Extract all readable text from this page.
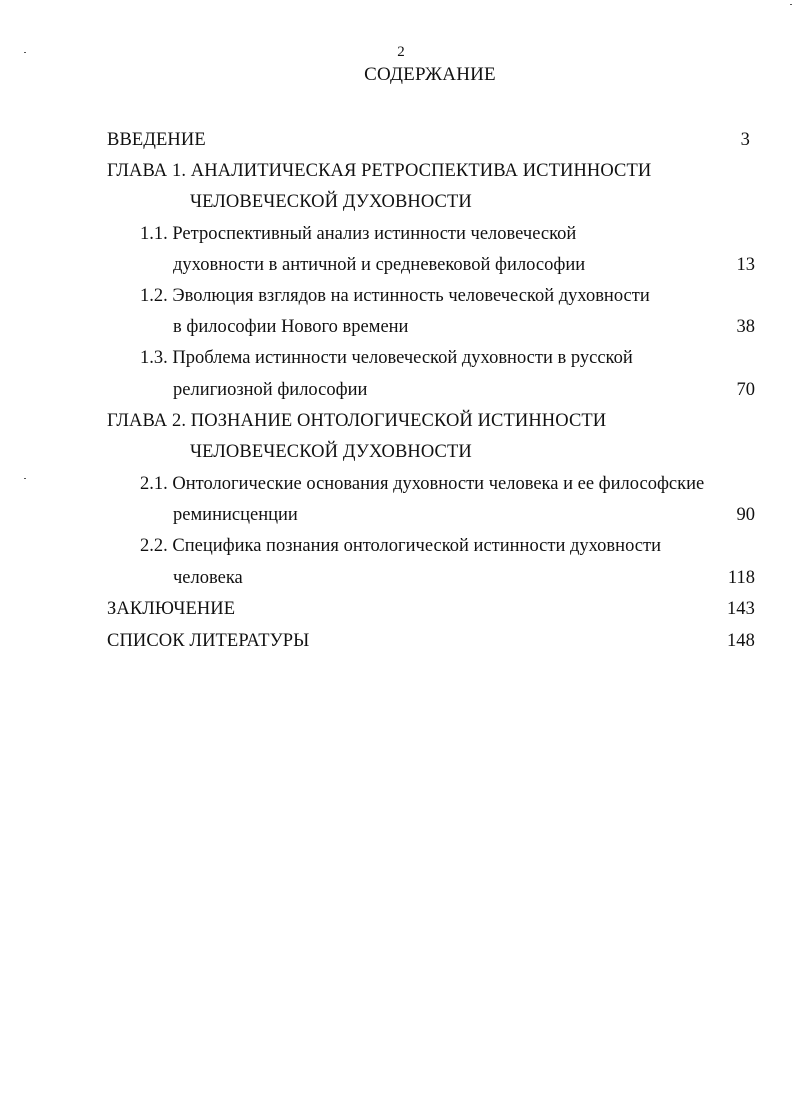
2
СОДЕРЖАНИЕ
ВВЕДЕНИЕ	3
ГЛАВА 1. АНАЛИТИЧЕСКАЯ РЕТРОСПЕКТИВА ИСТИННОСТИ
ЧЕЛОВЕЧЕСКОЙ ДУХОВНОСТИ
1.1. Ретроспективный анализ истинности человеческой
духовности в античной и средневековой философии	13
1.2. Эволюция взглядов на истинность человеческой духовности
в философии Нового времени	38
1.3. Проблема истинности человеческой духовности в русской
религиозной философии	70
ГЛАВА 2. ПОЗНАНИЕ ОНТОЛОГИЧЕСКОЙ ИСТИННОСТИ
ЧЕЛОВЕЧЕСКОЙ ДУХОВНОСТИ
2.1. Онтологические основания духовности человека и ее философские
реминисценции	90
2.2. Специфика познания онтологической истинности духовности
человека	118
ЗАКЛЮЧЕНИЕ	143
СПИСОК ЛИТЕРАТУРЫ	148
